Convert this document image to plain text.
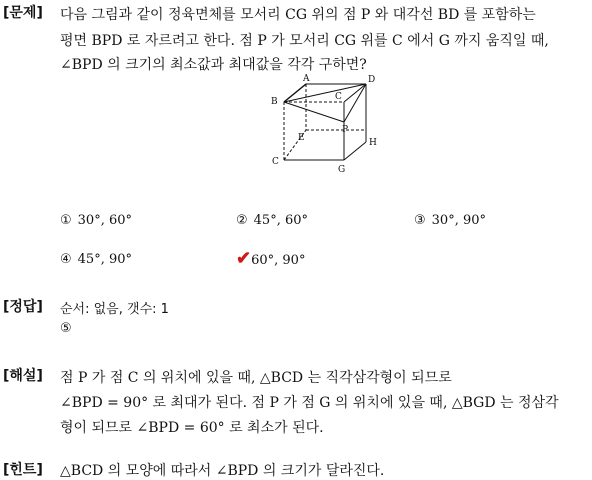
[문제] 다음 그림과 같이 정육면체를 모서리 CG 위의 점 P 와 대각선 BD 를 포함하는
평면 BPD 로 자르려고 한다. 점 P 가 모서리 CG 위를 C 에서 G 까지 움직일 때,
∠BPD 의 크기의 최소값과 최대값을 각각 구하면?
A	D
B	C
E
P
H
C
G
① 30°, 60°	② 45°, 60°	③ 30°, 90°
④ 45°, 90°	✔60°, 90°
[정답] 순서: 없음, 갯수: 1
⑤
[해설] 점 P 가 점 C 의 위치에 있을 때, △BCD 는 직각삼각형이 되므로
∠BPD = 90° 로 최대가 된다. 점 P 가 점 G 의 위치에 있을 때, △BGD 는 정삼각
형이 되므로 ∠BPD = 60° 로 최소가 된다.
[힌트] △BCD 의 모양에 따라서 ∠BPD 의 크기가 달라진다.
